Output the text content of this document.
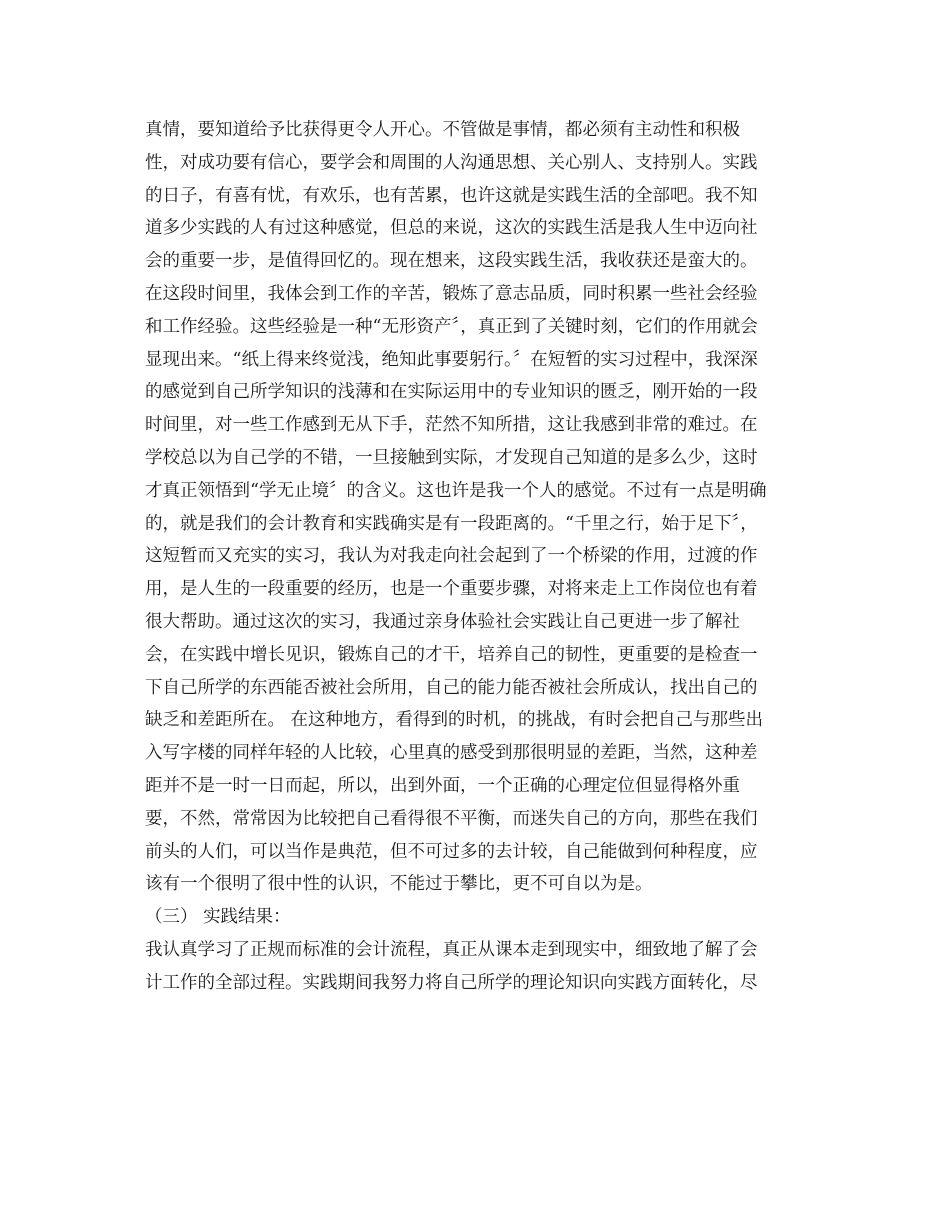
真情，要知道给予比获得更令人开心。不管做是事情，都必须有主动性和积极
性，对成功要有信心，要学会和周围的人沟通思想、关心别人、支持别人。实践
的日子，有喜有忧，有欢乐，也有苦累，也许这就是实践生活的全部吧。我不知
道多少实践的人有过这种感觉，但总的来说，这次的实践生活是我人生中迈向社
会的重要一步，是值得回忆的。现在想来，这段实践生活，我收获还是蛮大的。
在这段时间里，我体会到工作的辛苦，锻炼了意志品质，同时积累一些社会经验
和工作经验。这些经验是一种“无形资产〞，真正到了关键时刻，它们的作用就会
显现出来。“纸上得来终觉浅，绝知此事要躬行。〞在短暂的实习过程中，我深深
的感觉到自己所学知识的浅薄和在实际运用中的专业知识的匮乏，刚开始的一段
时间里，对一些工作感到无从下手，茫然不知所措，这让我感到非常的难过。在
学校总以为自己学的不错，一旦接触到实际，才发现自己知道的是多么少，这时
才真正领悟到“学无止境〞的含义。这也许是我一个人的感觉。不过有一点是明确
的，就是我们的会计教育和实践确实是有一段距离的。“千里之行，始于足下〞，
这短暂而又充实的实习，我认为对我走向社会起到了一个桥梁的作用，过渡的作
用，是人生的一段重要的经历，也是一个重要步骤，对将来走上工作岗位也有着
很大帮助。通过这次的实习，我通过亲身体验社会实践让自己更进一步了解社
会，在实践中增长见识，锻炼自己的才干，培养自己的韧性，更重要的是检查一
下自己所学的东西能否被社会所用，自己的能力能否被社会所成认，找出自己的
缺乏和差距所在。 在这种地方，看得到的时机，的挑战，有时会把自己与那些出
入写字楼的同样年轻的人比较，心里真的感受到那很明显的差距，当然，这种差
距并不是一时一日而起，所以，出到外面，一个正确的心理定位但显得格外重
要，不然，常常因为比较把自己看得很不平衡，而迷失自己的方向，那些在我们
前头的人们，可以当作是典范，但不可过多的去计较，自己能做到何种程度，应
该有一个很明了很中性的认识，不能过于攀比，更不可自以为是。
（三） 实践结果：
我认真学习了正规而标准的会计流程，真正从课本走到现实中，细致地了解了会
计工作的全部过程。实践期间我努力将自己所学的理论知识向实践方面转化，尽
